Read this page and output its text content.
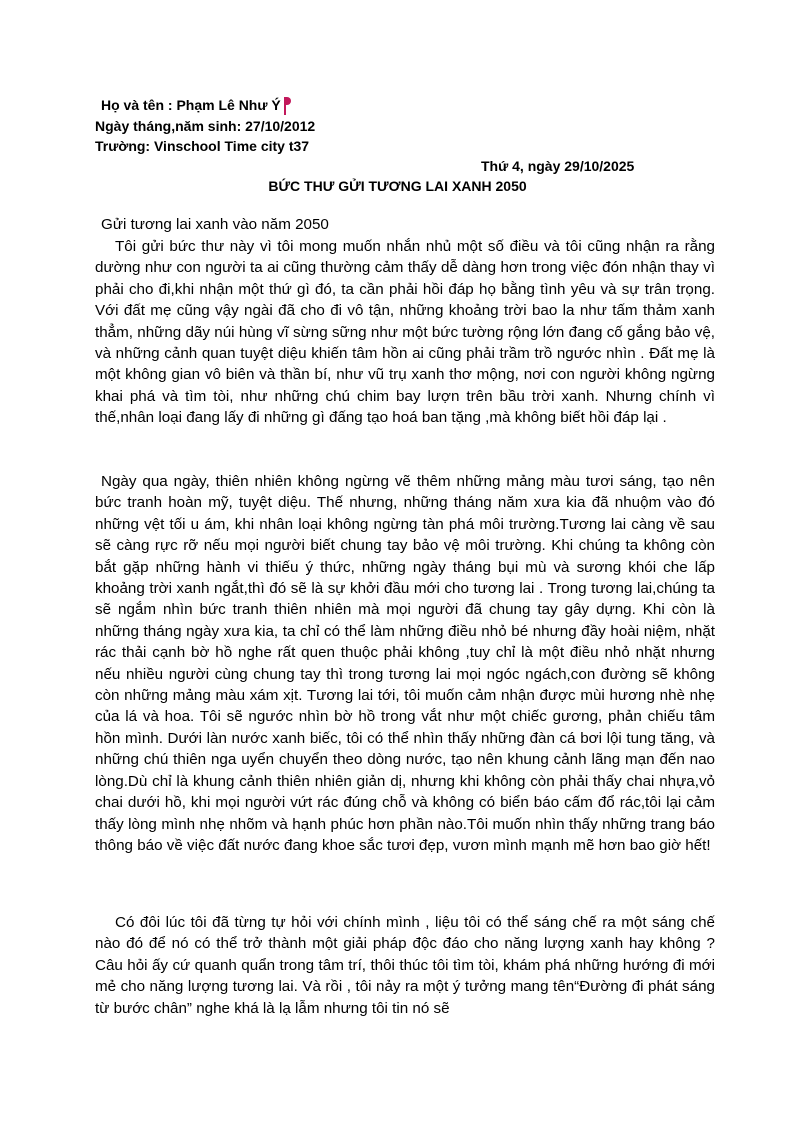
Họ và tên : Phạm Lê Như Ý
Ngày tháng,năm sinh: 27/10/2012
Trường: Vinschool Time city t37
Thứ 4, ngày 29/10/2025
BỨC THƯ GỬI TƯƠNG LAI XANH 2050
Gửi tương lai xanh vào năm 2050

Tôi gửi bức thư này vì tôi mong muốn nhắn nhủ một số điều và tôi cũng nhận ra rằng dường như con người ta ai cũng thường cảm thấy dễ dàng hơn trong việc đón nhận thay vì phải cho đi,khi nhận một thứ gì đó, ta cần phải hồi đáp họ bằng tình yêu và sự trân trọng. Với đất mẹ cũng vậy ngài đã cho đi vô tận, những khoảng trời bao la như tấm thảm xanh thẳm, những dãy núi hùng vĩ sừng sững như một bức tường rộng lớn đang cố gắng bảo vệ, và những cảnh quan tuyệt diệu khiến tâm hồn ai cũng phải trầm trồ ngước nhìn . Đất mẹ là một không gian vô biên và thần bí, như vũ trụ xanh thơ mộng, nơi con người không ngừng khai phá và tìm tòi, như những chú chim bay lượn trên bầu trời xanh. Nhưng chính vì thế,nhân loại đang lấy đi những gì đấng tạo hoá ban tặng ,mà không biết hồi đáp lại .

Ngày qua ngày, thiên nhiên không ngừng vẽ thêm những mảng màu tươi sáng, tạo nên bức tranh hoàn mỹ, tuyệt diệu. Thế nhưng, những tháng năm xưa kia đã nhuộm vào đó những vệt tối u ám, khi nhân loại không ngừng tàn phá môi trường.Tương lai càng về sau sẽ càng rực rỡ nếu mọi người biết chung tay bảo vệ môi trường. Khi chúng ta không còn bắt gặp những hành vi thiếu ý thức, những ngày tháng bụi mù và sương khói che lấp khoảng trời xanh ngắt,thì đó sẽ là sự khởi đầu mới cho tương lai . Trong tương lai,chúng ta sẽ ngắm nhìn bức tranh thiên nhiên mà mọi người đã chung tay gây dựng. Khi còn là những tháng ngày xưa kia, ta chỉ có thể làm những điều nhỏ bé nhưng đầy hoài niệm, nhặt rác thải cạnh bờ hồ nghe rất quen thuộc phải không ,tuy chỉ là một điều nhỏ nhặt nhưng nếu nhiều người cùng chung tay thì trong tương lai mọi ngóc ngách,con đường sẽ không còn những mảng màu xám xịt. Tương lai tới, tôi muốn cảm nhận được mùi hương nhè nhẹ của lá và hoa. Tôi sẽ ngước nhìn bờ hồ trong vắt như một chiếc gương, phản chiếu tâm hồn mình. Dưới làn nước xanh biếc, tôi có thể nhìn thấy những đàn cá bơi lội tung tăng, và những chú thiên nga uyển chuyển theo dòng nước, tạo nên khung cảnh lãng mạn đến nao lòng.Dù chỉ là khung cảnh thiên nhiên giản dị, nhưng khi không còn phải thấy chai nhựa,vỏ chai dưới hồ, khi mọi người vứt rác đúng chỗ và không có biển báo cấm đổ rác,tôi lại cảm thấy lòng mình nhẹ nhõm và hạnh phúc hơn phần nào.Tôi muốn nhìn thấy những trang báo thông báo về việc đất nước đang khoe sắc tươi đẹp, vươn mình mạnh mẽ hơn bao giờ hết!

Có đôi lúc tôi đã từng tự hỏi với chính mình , liệu tôi có thể sáng chế ra một sáng chế nào đó để nó có thể trở thành một giải pháp độc đáo cho năng lượng xanh hay không ? Câu hỏi ấy cứ quanh quẩn trong tâm trí, thôi thúc tôi tìm tòi, khám phá những hướng đi mới mẻ cho năng lượng tương lai. Và rồi , tôi nảy ra một ý tưởng mang tên“Đường đi phát sáng từ bước chân” nghe khá là lạ lẫm nhưng tôi tin nó sẽ
